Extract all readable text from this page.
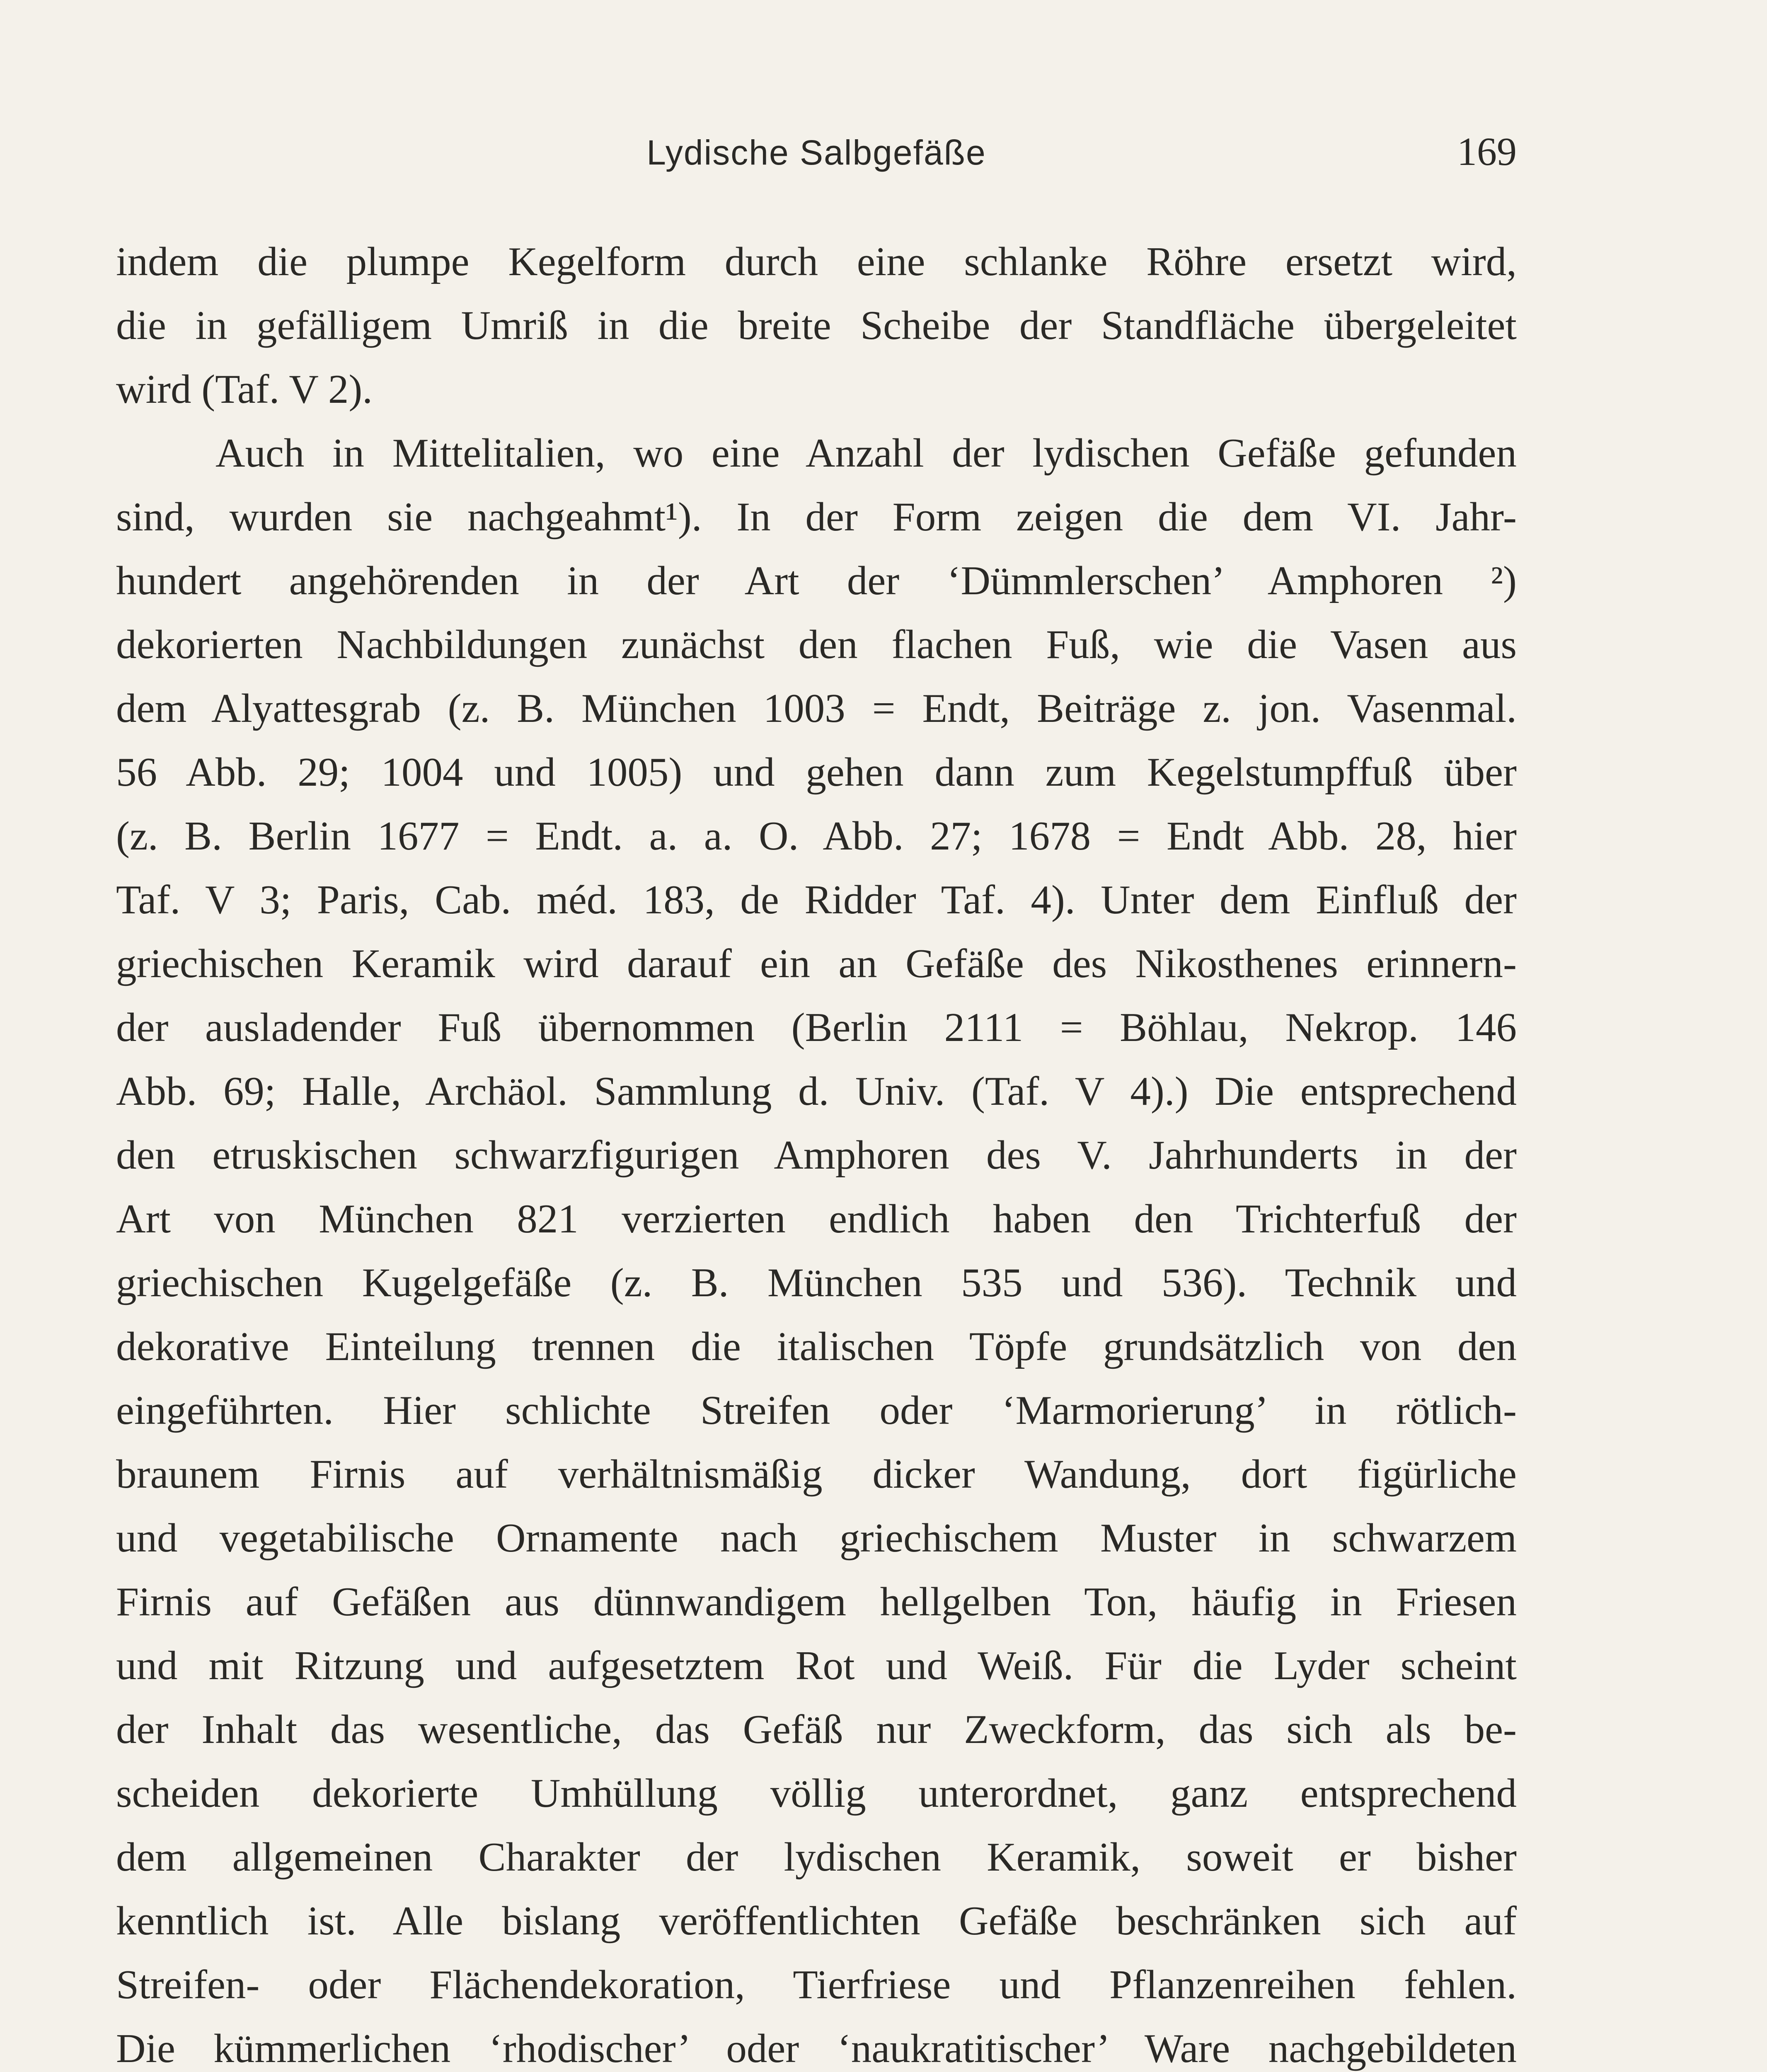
Lydische Salbgefäße	169
indem die plumpe Kegelform durch eine schlanke Röhre ersetzt wird,
die in gefälligem Umriß in die breite Scheibe der Standfläche übergeleitet
wird (Taf. V 2).
Auch in Mittelitalien, wo eine Anzahl der lydischen Gefäße gefunden
sind, wurden sie nachgeahmt¹). In der Form zeigen die dem VI. Jahr-
hundert angehörenden in der Art der ‘Dümmlerschen’ Amphoren ²)
dekorierten Nachbildungen zunächst den flachen Fuß, wie die Vasen aus
dem Alyattesgrab (z. B. München 1003 = Endt, Beiträge z. jon. Vasenmal.
56 Abb. 29; 1004 und 1005) und gehen dann zum Kegelstumpffuß über
(z. B. Berlin 1677 = Endt. a. a. O. Abb. 27; 1678 = Endt Abb. 28, hier
Taf. V 3; Paris, Cab. méd. 183, de Ridder Taf. 4). Unter dem Einfluß der
griechischen Keramik wird darauf ein an Gefäße des Nikosthenes erinnern-
der ausladender Fuß übernommen (Berlin 2111 = Böhlau, Nekrop. 146
Abb. 69; Halle, Archäol. Sammlung d. Univ. (Taf. V 4).) Die entsprechend
den etruskischen schwarzfigurigen Amphoren des V. Jahrhunderts in der
Art von München 821 verzierten endlich haben den Trichterfuß der
griechischen Kugelgefäße (z. B. München 535 und 536). Technik und
dekorative Einteilung trennen die italischen Töpfe grundsätzlich von den
eingeführten. Hier schlichte Streifen oder ‘Marmorierung’ in rötlich-
braunem Firnis auf verhältnismäßig dicker Wandung, dort figürliche
und vegetabilische Ornamente nach griechischem Muster in schwarzem
Firnis auf Gefäßen aus dünnwandigem hellgelben Ton, häufig in Friesen
und mit Ritzung und aufgesetztem Rot und Weiß. Für die Lyder scheint
der Inhalt das wesentliche, das Gefäß nur Zweckform, das sich als be-
scheiden dekorierte Umhüllung völlig unterordnet, ganz entsprechend
dem allgemeinen Charakter der lydischen Keramik, soweit er bisher
kenntlich ist. Alle bislang veröffentlichten Gefäße beschränken sich auf
Streifen- oder Flächendekoration, Tierfriese und Pflanzenreihen fehlen.
Die kümmerlichen ‘rhodischer’ oder ‘naukratitischer’ Ware nachgebildeten
